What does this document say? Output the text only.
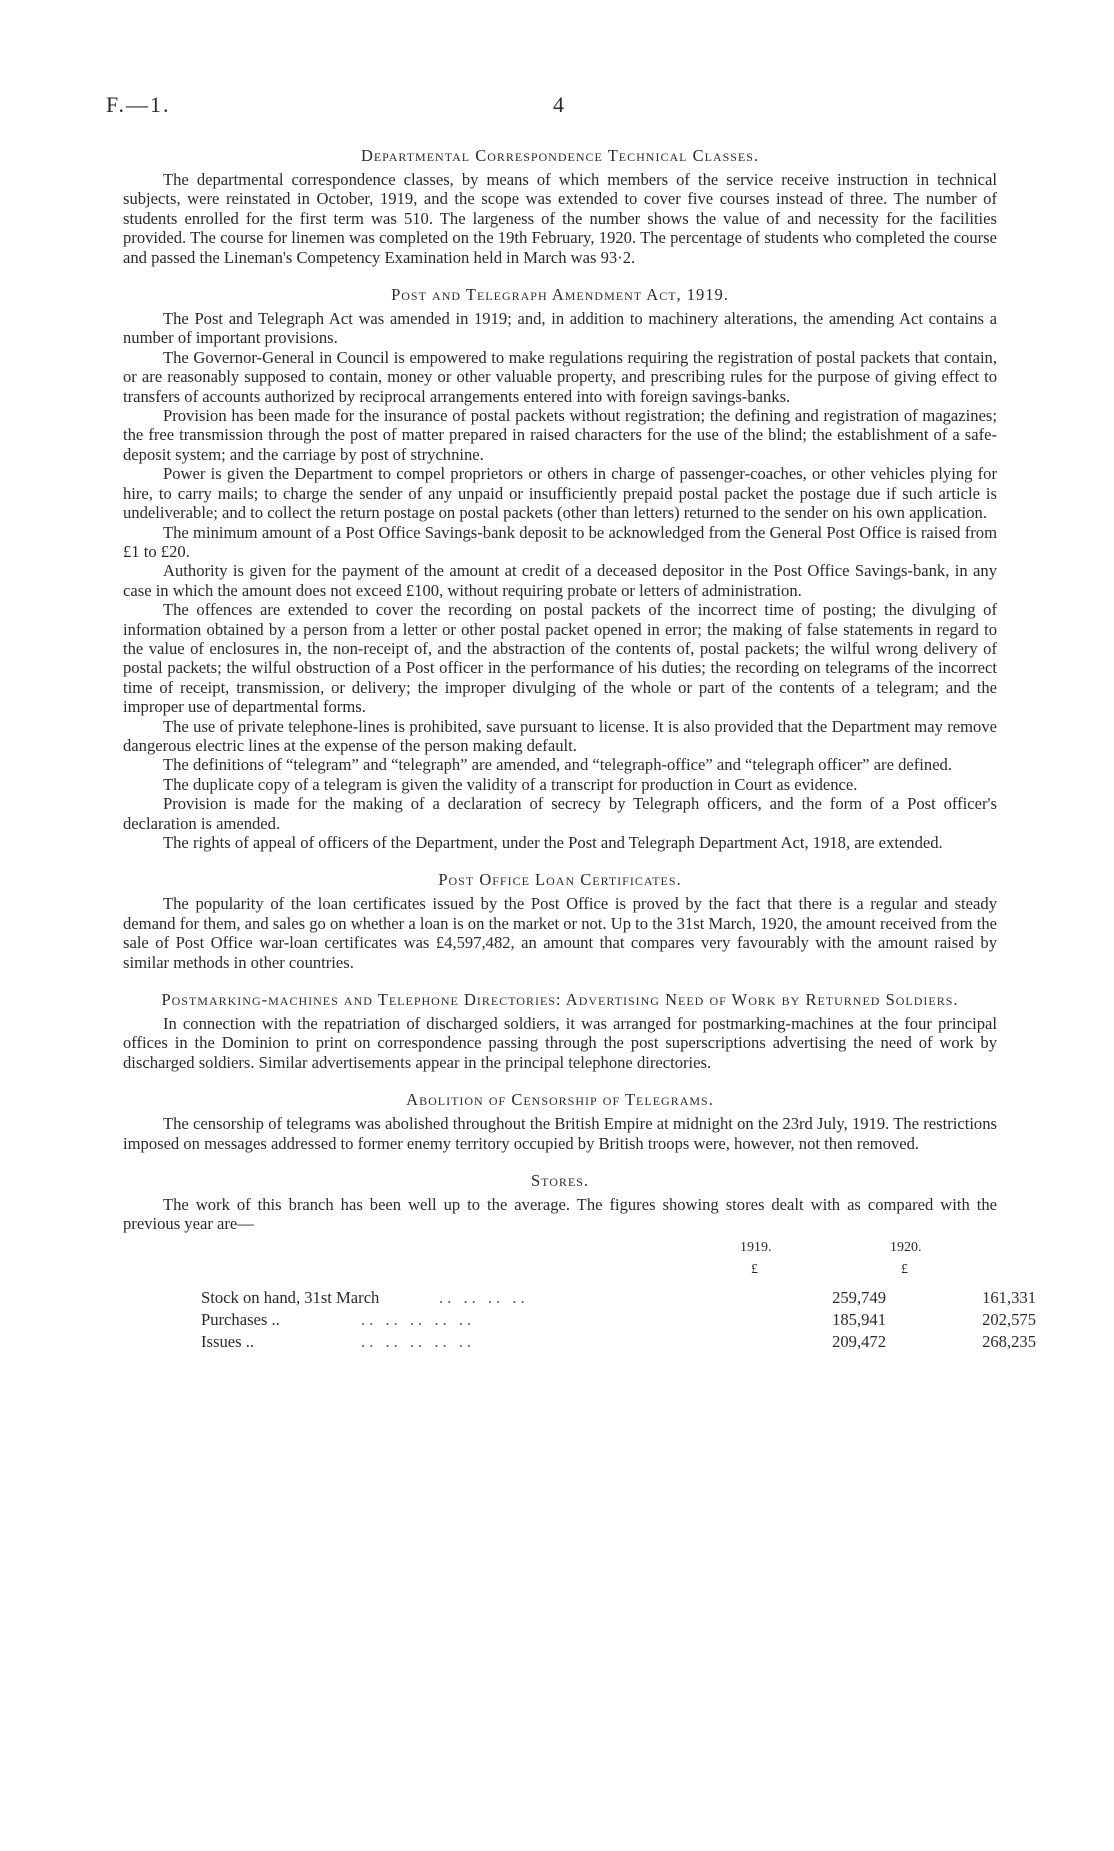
F.—1.	4
Departmental Correspondence Technical Classes.

The departmental correspondence classes, by means of which members of the service receive instruction in technical subjects, were reinstated in October, 1919, and the scope was extended to cover five courses instead of three. The number of students enrolled for the first term was 510. The largeness of the number shows the value of and necessity for the facilities provided. The course for linemen was completed on the 19th February, 1920. The percentage of students who completed the course and passed the Lineman's Competency Examination held in March was 93·2.

Post and Telegraph Amendment Act, 1919.

The Post and Telegraph Act was amended in 1919; and, in addition to machinery alterations, the amending Act contains a number of important provisions.

The Governor-General in Council is empowered to make regulations requiring the registration of postal packets that contain, or are reasonably supposed to contain, money or other valuable property, and prescribing rules for the purpose of giving effect to transfers of accounts authorized by reciprocal arrangements entered into with foreign savings-banks.

Provision has been made for the insurance of postal packets without registration; the defining and registration of magazines; the free transmission through the post of matter prepared in raised characters for the use of the blind; the establishment of a safe-deposit system; and the carriage by post of strychnine.

Power is given the Department to compel proprietors or others in charge of passenger-coaches, or other vehicles plying for hire, to carry mails; to charge the sender of any unpaid or insufficiently prepaid postal packet the postage due if such article is undeliverable; and to collect the return postage on postal packets (other than letters) returned to the sender on his own application.

The minimum amount of a Post Office Savings-bank deposit to be acknowledged from the General Post Office is raised from £1 to £20.

Authority is given for the payment of the amount at credit of a deceased depositor in the Post Office Savings-bank, in any case in which the amount does not exceed £100, without requiring probate or letters of administration.

The offences are extended to cover the recording on postal packets of the incorrect time of posting; the divulging of information obtained by a person from a letter or other postal packet opened in error; the making of false statements in regard to the value of enclosures in, the non-receipt of, and the abstraction of the contents of, postal packets; the wilful wrong delivery of postal packets; the wilful obstruction of a Post officer in the performance of his duties; the recording on telegrams of the incorrect time of receipt, transmission, or delivery; the improper divulging of the whole or part of the contents of a telegram; and the improper use of departmental forms.

The use of private telephone-lines is prohibited, save pursuant to license. It is also provided that the Department may remove dangerous electric lines at the expense of the person making default.

The definitions of “telegram” and “telegraph” are amended, and “telegraph-office” and “telegraph officer” are defined.

The duplicate copy of a telegram is given the validity of a transcript for production in Court as evidence.

Provision is made for the making of a declaration of secrecy by Telegraph officers, and the form of a Post officer's declaration is amended.

The rights of appeal of officers of the Department, under the Post and Telegraph Department Act, 1918, are extended.

Post Office Loan Certificates.

The popularity of the loan certificates issued by the Post Office is proved by the fact that there is a regular and steady demand for them, and sales go on whether a loan is on the market or not. Up to the 31st March, 1920, the amount received from the sale of Post Office war-loan certificates was £4,597,482, an amount that compares very favourably with the amount raised by similar methods in other countries.

Postmarking-machines and Telephone Directories: Advertising Need of Work by Returned Soldiers.

In connection with the repatriation of discharged soldiers, it was arranged for postmarking-machines at the four principal offices in the Dominion to print on correspondence passing through the post superscriptions advertising the need of work by discharged soldiers. Similar advertisements appear in the principal telephone directories.

Abolition of Censorship of Telegrams.

The censorship of telegrams was abolished throughout the British Empire at midnight on the 23rd July, 1919. The restrictions imposed on messages addressed to former enemy territory occupied by British troops were, however, not then removed.

Stores.

The work of this branch has been well up to the average. The figures showing stores dealt with as compared with the previous year are—

1919.	1920.
£	£
Stock on hand, 31st March	.. .. .. ..	259,749	161,331
Purchases ..	.. .. .. .. ..	185,941	202,575
Issues ..	.. .. .. .. ..	209,472	268,235
